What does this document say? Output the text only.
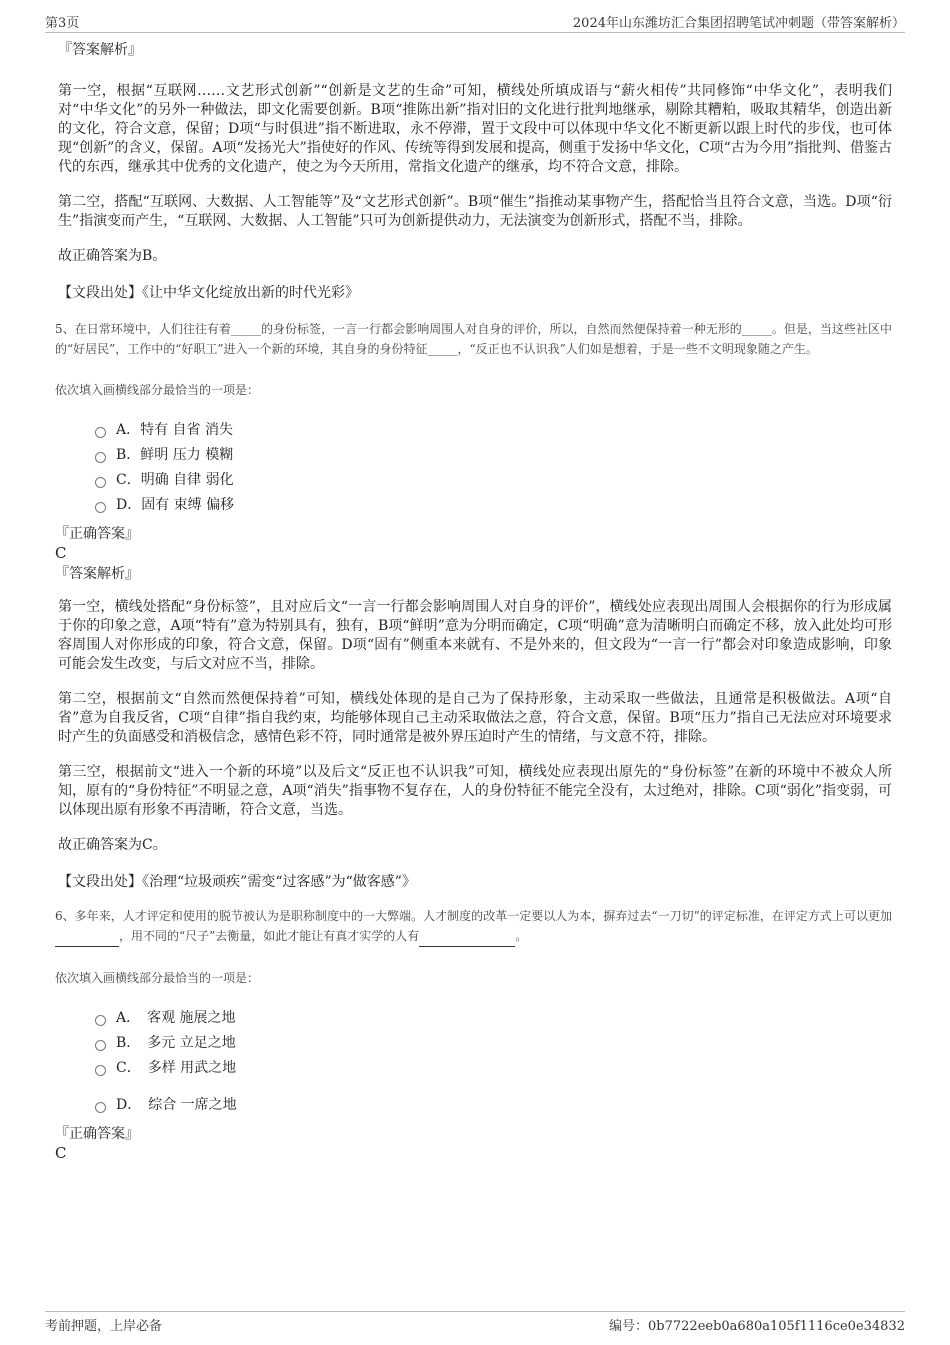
第3页	2024年山东潍坊汇合集团招聘笔试冲刺题（带答案解析）

『答案解析』

第一空，根据“互联网……文艺形式创新”“创新是文艺的生命”可知，横线处所填成语与“薪火相传”共同修饰“中华文化”，表明我们对“中华文化”的另外一种做法，即文化需要创新。B项“推陈出新”指对旧的文化进行批判地继承，剔除其糟粕，吸取其精华，创造出新的文化，符合文意，保留；D项“与时俱进”指不断进取，永不停滞，置于文段中可以体现中华文化不断更新以跟上时代的步伐，也可体现“创新”的含义，保留。A项“发扬光大”指使好的作风、传统等得到发展和提高，侧重于发扬中华文化，C项“古为今用”指批判、借鉴古代的东西，继承其中优秀的文化遗产，使之为今天所用，常指文化遗产的继承，均不符合文意，排除。

第二空，搭配“互联网、大数据、人工智能等”及“文艺形式创新”。B项“催生”指推动某事物产生，搭配恰当且符合文意，当选。D项“衍生”指演变而产生，“互联网、大数据、人工智能”只可为创新提供动力，无法演变为创新形式，搭配不当，排除。

故正确答案为B。

【文段出处】《让中华文化绽放出新的时代光彩》

5、在日常环境中，人们往往有着_____的身份标签，一言一行都会影响周围人对自身的评价，所以，自然而然便保持着一种无形的_____。但是，当这些社区中的“好居民”，工作中的“好职工”进入一个新的环境，其自身的身份特征_____，“反正也不认识我”人们如是想着，于是一些不文明现象随之产生。

依次填入画横线部分最恰当的一项是：

A．特有 自省 消失
B．鲜明 压力 模糊
C．明确 自律 弱化
D．固有 束缚 偏移

『正确答案』

C

『答案解析』

第一空，横线处搭配“身份标签”，且对应后文“一言一行都会影响周围人对自身的评价”，横线处应表现出周围人会根据你的行为形成属于你的印象之意，A项“特有”意为特别具有，独有，B项“鲜明”意为分明而确定，C项“明确”意为清晰明白而确定不移，放入此处均可形容周围人对你形成的印象，符合文意，保留。D项“固有”侧重本来就有、不是外来的，但文段为“一言一行”都会对印象造成影响，印象可能会发生改变，与后文对应不当，排除。

第二空，根据前文“自然而然便保持着”可知，横线处体现的是自己为了保持形象，主动采取一些做法，且通常是积极做法。A项“自省”意为自我反省，C项“自律”指自我约束，均能够体现自己主动采取做法之意，符合文意，保留。B项“压力”指自己无法应对环境要求时产生的负面感受和消极信念，感情色彩不符，同时通常是被外界压迫时产生的情绪，与文意不符，排除。

第三空，根据前文“进入一个新的环境”以及后文“反正也不认识我”可知，横线处应表现出原先的“身份标签”在新的环境中不被众人所知，原有的“身份特征”不明显之意，A项“消失”指事物不复存在，人的身份特征不能完全没有，太过绝对，排除。C项“弱化”指变弱，可以体现出原有形象不再清晰，符合文意，当选。

故正确答案为C。

【文段出处】《治理“垃圾顽疾”需变“过客感”为“做客感”》

6、多年来，人才评定和使用的脱节被认为是职称制度中的一大弊端。人才制度的改革一定要以人为本，摒弃过去“一刀切”的评定标准，在评定方式上可以更加，用不同的“尺子”去衡量，如此才能让有真才实学的人有	。

依次填入画横线部分最恰当的一项是：

A．　客观 施展之地
B．　多元 立足之地
C．　多样 用武之地
D．　综合 一席之地

『正确答案』

C

考前押题，上岸必备	编号：0b7722eeb0a680a105f1116ce0e34832
